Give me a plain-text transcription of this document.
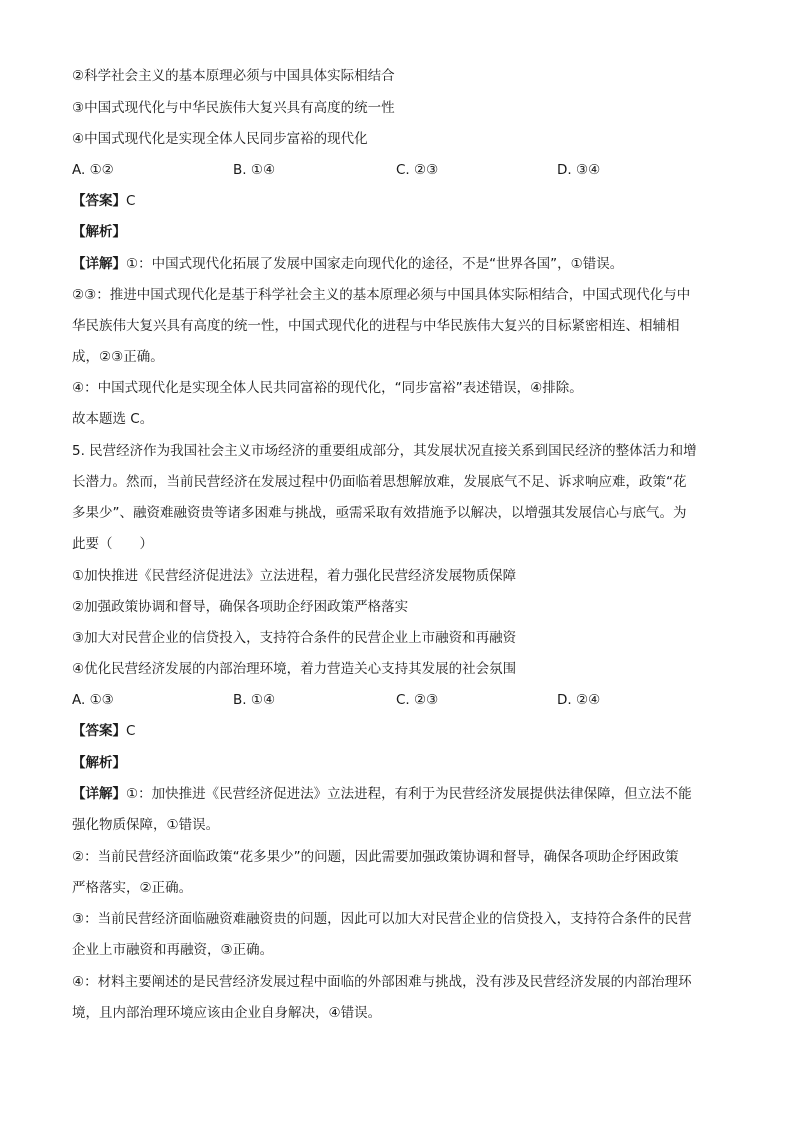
②科学社会主义的基本原理必须与中国具体实际相结合
③中国式现代化与中华民族伟大复兴具有高度的统一性
④中国式现代化是实现全体人民同步富裕的现代化
A. ①②	B. ①④	C. ②③	D. ③④
【答案】C
【解析】
【详解】①：中国式现代化拓展了发展中国家走向现代化的途径，不是“世界各国”，①错误。
②③：推进中国式现代化是基于科学社会主义的基本原理必须与中国具体实际相结合，中国式现代化与中
华民族伟大复兴具有高度的统一性，中国式现代化的进程与中华民族伟大复兴的目标紧密相连、相辅相
成，②③正确。
④：中国式现代化是实现全体人民共同富裕的现代化，“同步富裕”表述错误，④排除。
故本题选 C。
5. 民营经济作为我国社会主义市场经济的重要组成部分，其发展状况直接关系到国民经济的整体活力和增
长潜力。然而，当前民营经济在发展过程中仍面临着思想解放难，发展底气不足、诉求响应难，政策“花
多果少”、融资难融资贵等诸多困难与挑战，亟需采取有效措施予以解决，以增强其发展信心与底气。为
此要（　　）
①加快推进《民营经济促进法》立法进程，着力强化民营经济发展物质保障
②加强政策协调和督导，确保各项助企纾困政策严格落实
③加大对民营企业的信贷投入，支持符合条件的民营企业上市融资和再融资
④优化民营经济发展的内部治理环境，着力营造关心支持其发展的社会氛围
A. ①③	B. ①④	C. ②③	D. ②④
【答案】C
【解析】
【详解】①：加快推进《民营经济促进法》立法进程，有利于为民营经济发展提供法律保障，但立法不能
强化物质保障，①错误。
②：当前民营经济面临政策“花多果少”的问题，因此需要加强政策协调和督导，确保各项助企纾困政策
严格落实，②正确。
③：当前民营经济面临融资难融资贵的问题，因此可以加大对民营企业的信贷投入，支持符合条件的民营
企业上市融资和再融资，③正确。
④：材料主要阐述的是民营经济发展过程中面临的外部困难与挑战，没有涉及民营经济发展的内部治理环
境，且内部治理环境应该由企业自身解决，④错误。
